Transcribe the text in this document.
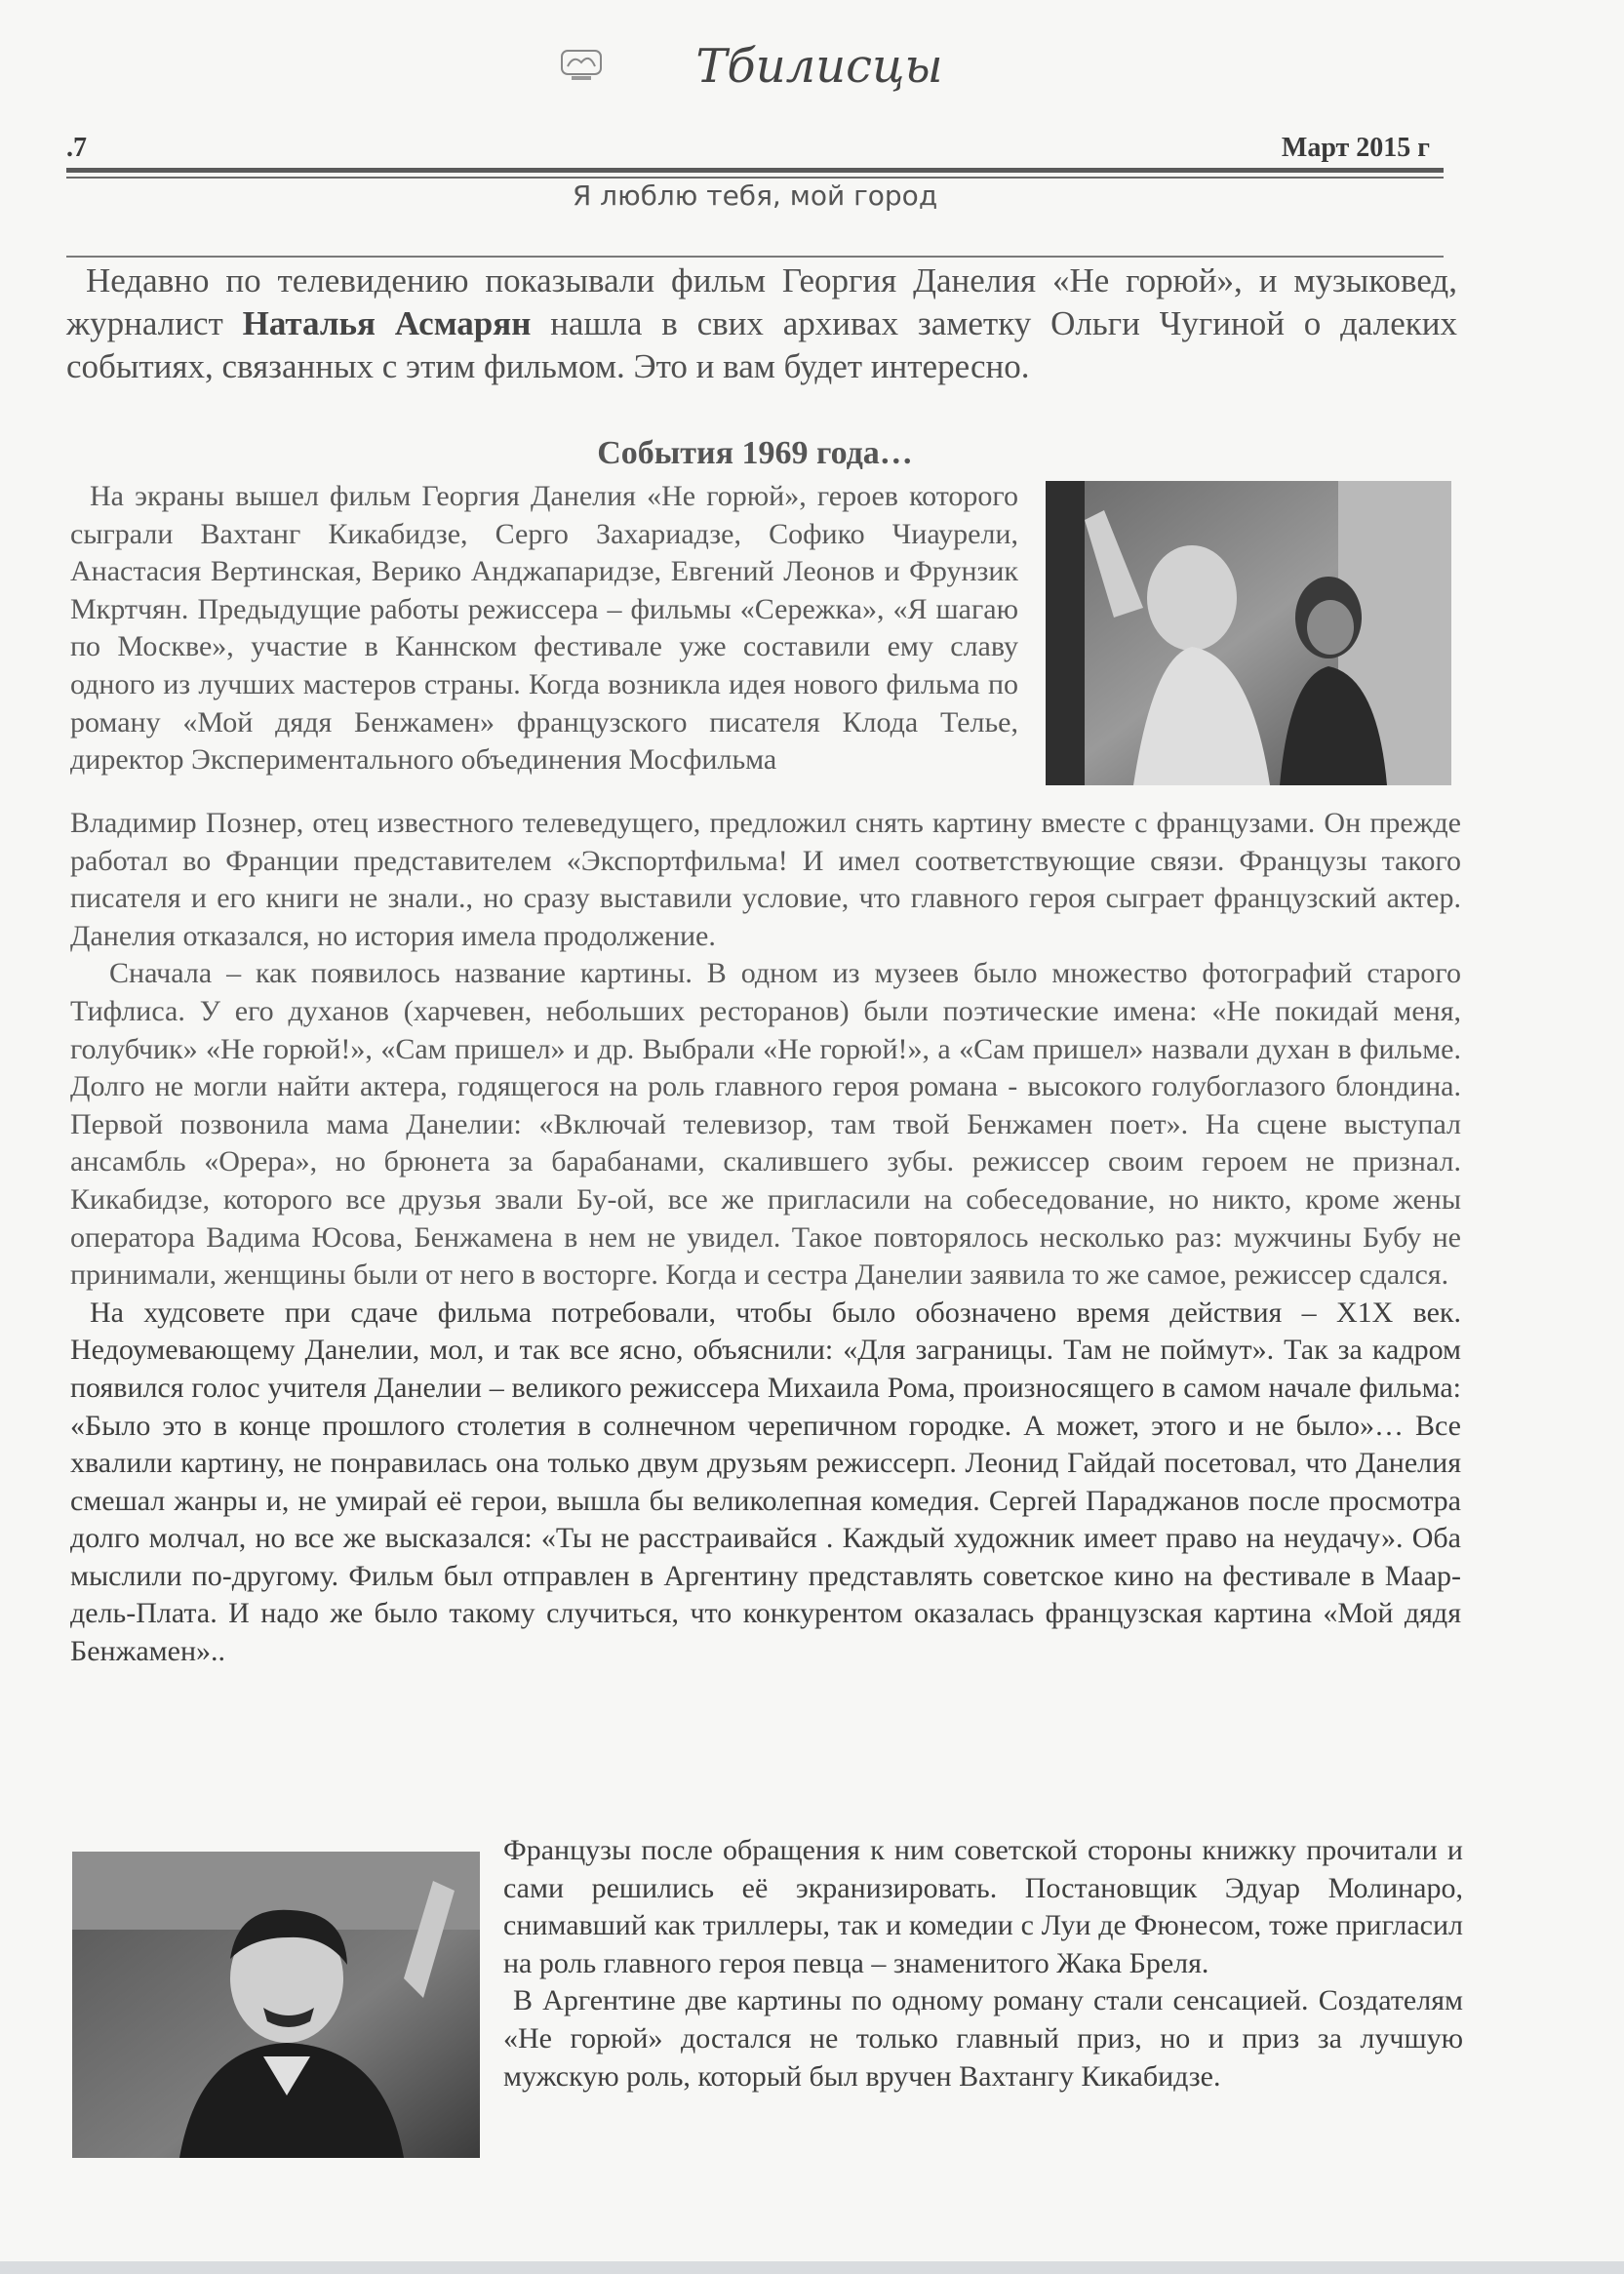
Тбилисцы
.7	Март 2015 г
Я люблю тебя, мой город
Недавно по телевидению показывали фильм Георгия Данелия «Не горюй», и музыковед, журналист Наталья Асмарян нашла в свих архивах заметку Ольги Чугиной о далеких событиях, связанных с этим фильмом. Это и вам будет интересно.
События 1969 года…

На экраны вышел фильм Георгия Данелия «Не горюй», героев которого сыграли Вахтанг Кикабидзе, Серго Захариадзе, Софико Чиаурели, Анастасия Вертинская, Верико Анджапаридзе, Евгений Леонов и Фрунзик Мкртчян. Предыдущие работы режиссера – фильмы «Сережка», «Я шагаю по Москве», участие в Каннском фестивале уже составили ему славу одного из лучших мастеров страны. Когда возникла идея нового фильма по роману «Мой дядя Бенжамен» французского писателя Клода Телье, директор Экспериментального объединения Мосфильма

Владимир Познер, отец известного телеведущего, предложил снять картину вместе с французами. Он прежде работал во Франции представителем «Экспортфильма! И имел соответствующие связи. Французы такого писателя и его книги не знали., но сразу выставили условие, что главного героя сыграет французский актер. Данелия отказался, но история имела продолжение.

Сначала – как появилось название картины. В одном из музеев было множество фотографий старого Тифлиса. У его духанов (харчевен, небольших ресторанов) были поэтические имена: «Не покидай меня, голубчик» «Не горюй!», «Сам пришел» и др. Выбрали «Не горюй!», а «Сам пришел» назвали духан в фильме. Долго не могли найти актера, годящегося на роль главного героя романа - высокого голубоглазого блондина. Первой позвонила мама Данелии: «Включай телевизор, там твой Бенжамен поет». На сцене выступал ансамбль «Орера», но брюнета за барабанами, скалившего зубы. режиссер своим героем не признал. Кикабидзе, которого все друзья звали Бу-ой, все же пригласили на собеседование, но никто, кроме жены оператора Вадима Юсова, Бенжамена в нем не увидел. Такое повторялось несколько раз: мужчины Бубу не принимали, женщины были от него в восторге. Когда и сестра Данелии заявила то же самое, режиссер сдался.

На худсовете при сдаче фильма потребовали, чтобы было обозначено время действия – Х1Х век. Недоумевающему Данелии, мол, и так все ясно, объяснили: «Для заграницы. Там не поймут». Так за кадром появился голос учителя Данелии – великого режиссера Михаила Рома, произносящего в самом начале фильма: «Было это в конце прошлого столетия в солнечном черепичном городке. А может, этого и не было»… Все хвалили картину, не понравилась она только двум друзьям режиссерп. Леонид Гайдай посетовал, что Данелия смешал жанры и, не умирай её герои, вышла бы великолепная комедия. Сергей Параджанов после просмотра долго молчал, но все же высказался: «Ты не расстраивайся . Каждый художник имеет право на неудачу». Оба мыслили по-другому. Фильм был отправлен в Аргентину представлять советское кино на фестивале в Маар-дель-Плата. И надо же было такому случиться, что конкурентом оказалась французская картина «Мой дядя Бенжамен»..

Французы после обращения к ним советской стороны книжку прочитали и сами решились её экранизировать. Постановщик Эдуар Молинаро, снимавший как триллеры, так и комедии с Луи де Фюнесом, тоже пригласил на роль главного героя певца – знаменитого Жака Бреля.

В Аргентине две картины по одному роману стали сенсацией. Создателям «Не горюй» достался не только главный приз, но и приз за лучшую мужскую роль, который был вручен Вахтангу Кикабидзе.
